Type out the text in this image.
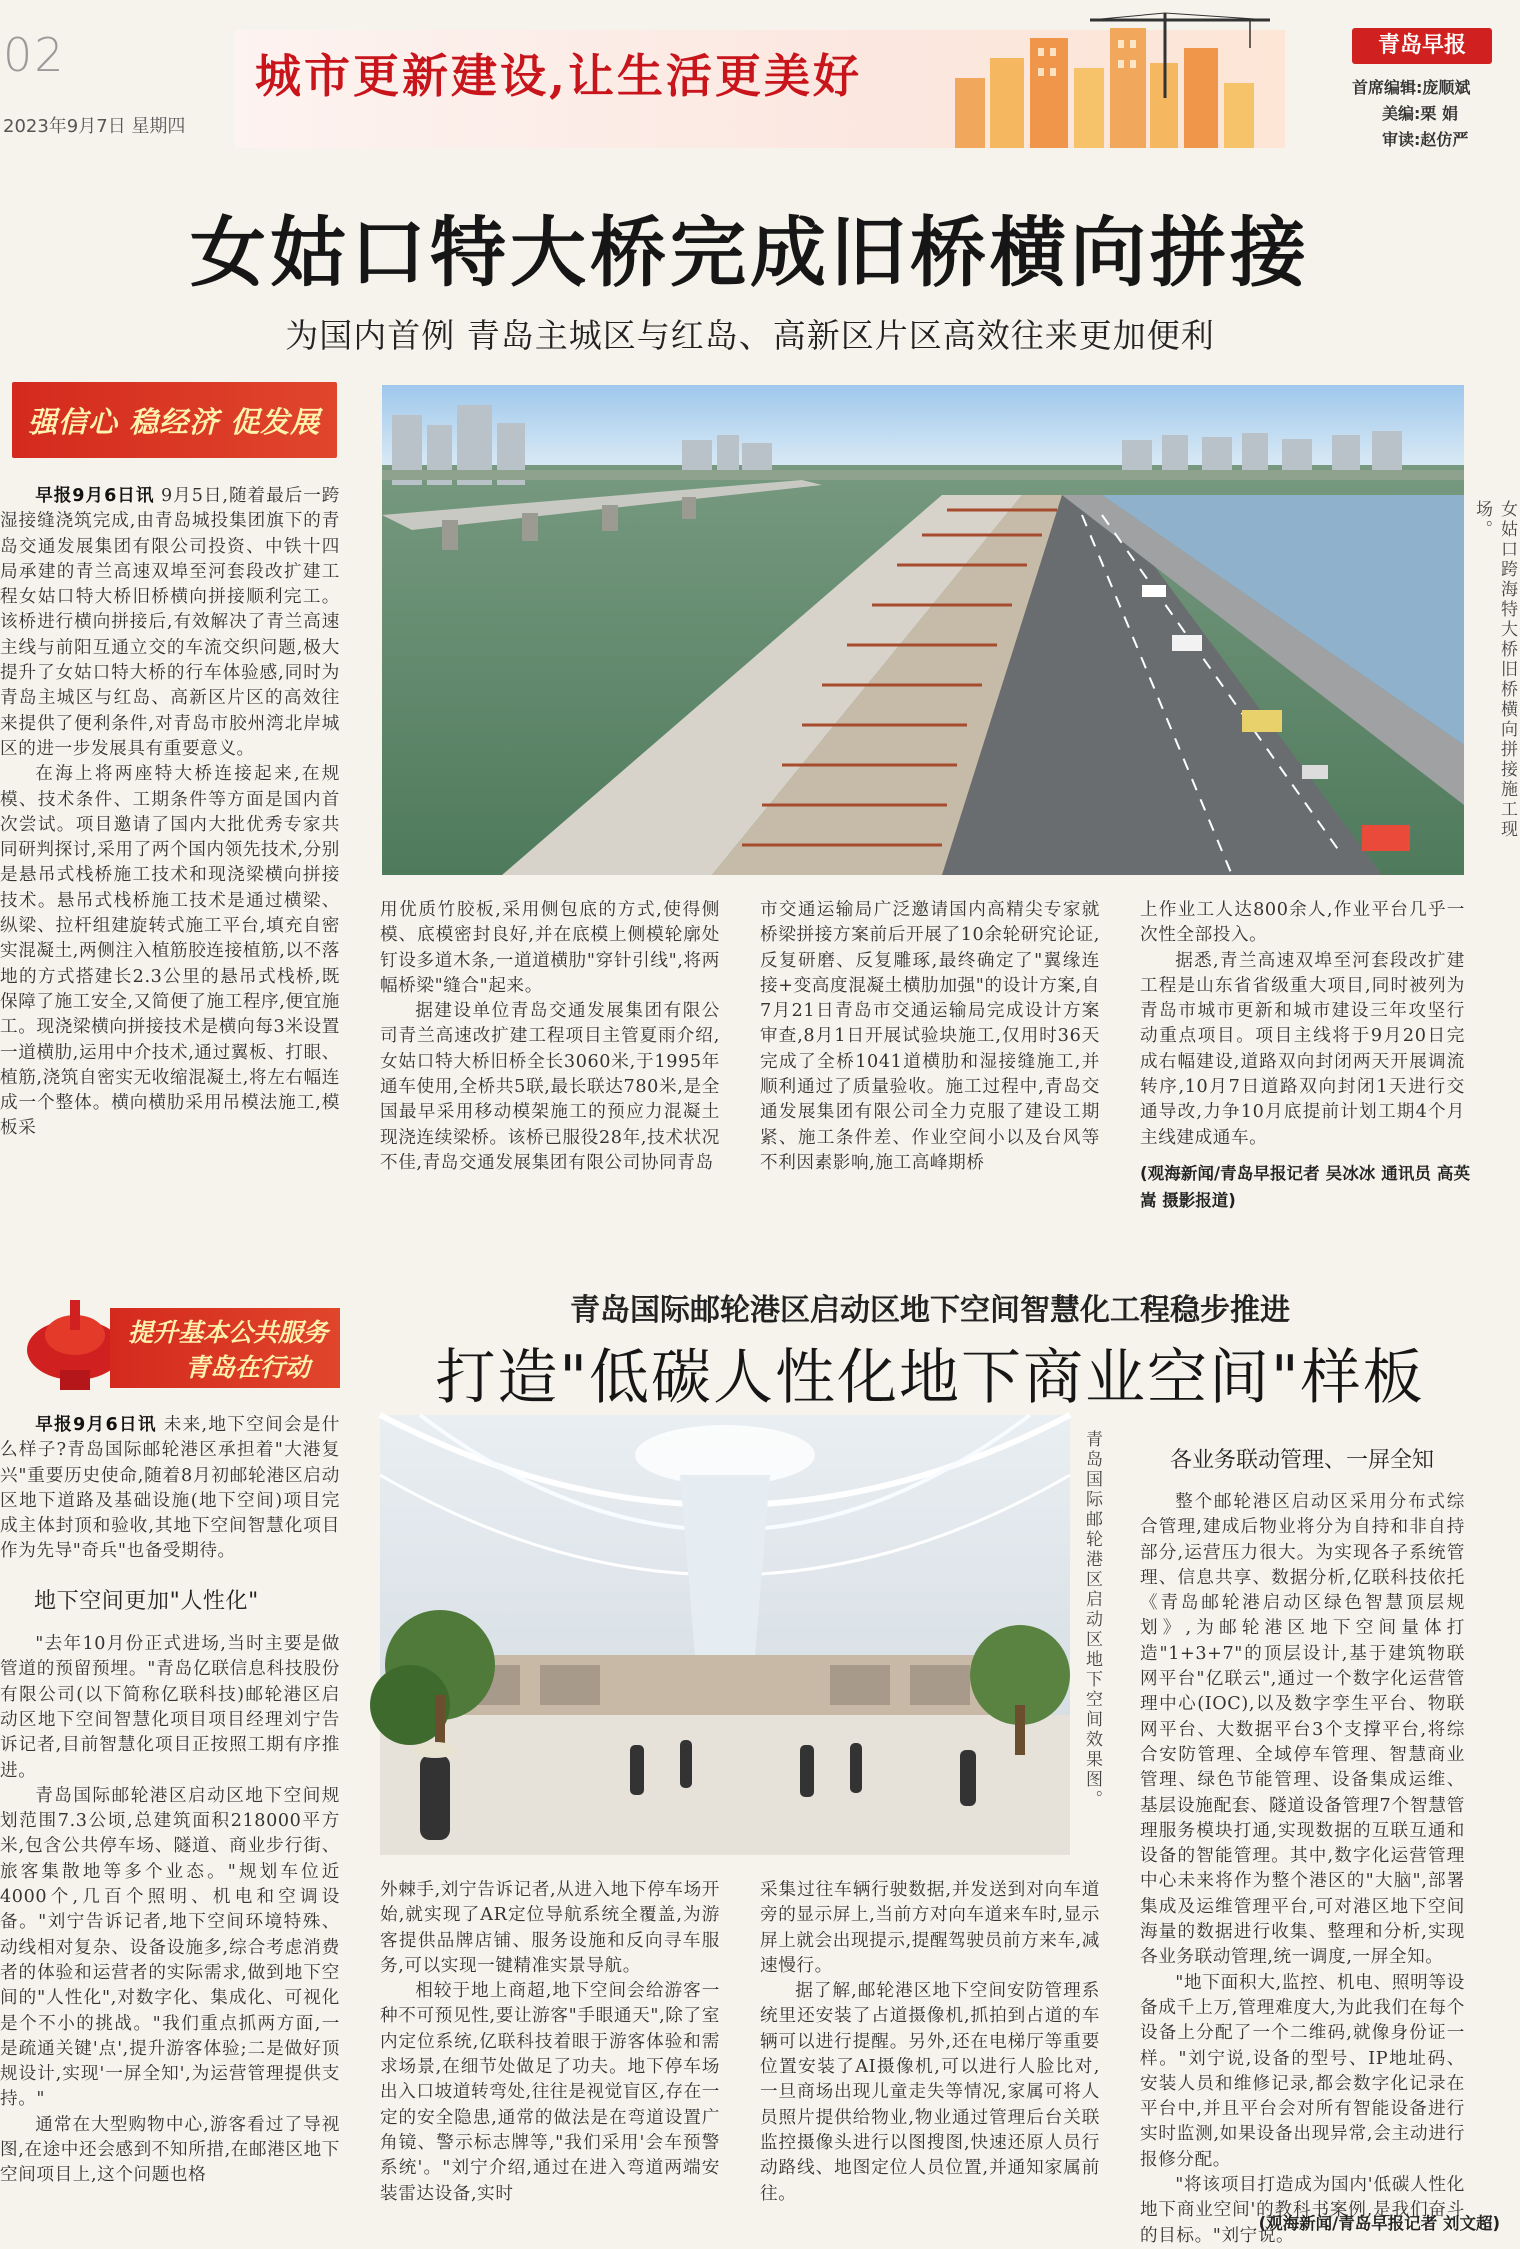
02
2023年9月7日 星期四
城市更新建设,让生活更美好
青岛早报
首席编辑:庞顺斌
美编:栗 娟
审读:赵仿严
女姑口特大桥完成旧桥横向拼接
为国内首例 青岛主城区与红岛、高新区片区高效往来更加便利
强信心 稳经济 促发展
女姑口跨海特大桥旧桥横向拼接施工现场。

早报9月6日讯 9月5日,随着最后一跨湿接缝浇筑完成,由青岛城投集团旗下的青岛交通发展集团有限公司投资、中铁十四局承建的青兰高速双埠至河套段改扩建工程女姑口特大桥旧桥横向拼接顺利完工。该桥进行横向拼接后,有效解决了青兰高速主线与前阳互通立交的车流交织问题,极大提升了女姑口特大桥的行车体验感,同时为青岛主城区与红岛、高新区片区的高效往来提供了便利条件,对青岛市胶州湾北岸城区的进一步发展具有重要意义。

在海上将两座特大桥连接起来,在规模、技术条件、工期条件等方面是国内首次尝试。项目邀请了国内大批优秀专家共同研判探讨,采用了两个国内领先技术,分别是悬吊式栈桥施工技术和现浇梁横向拼接技术。悬吊式栈桥施工技术是通过横梁、纵梁、拉杆组建旋转式施工平台,填充自密实混凝土,两侧注入植筋胶连接植筋,以不落地的方式搭建长2.3公里的悬吊式栈桥,既保障了施工安全,又简便了施工程序,便宜施工。现浇梁横向拼接技术是横向每3米设置一道横肋,运用中介技术,通过翼板、打眼、植筋,浇筑自密实无收缩混凝土,将左右幅连成一个整体。横向横肋采用吊模法施工,模板采

用优质竹胶板,采用侧包底的方式,使得侧模、底模密封良好,并在底模上侧模轮廓处钉设多道木条,一道道横肋"穿针引线",将两幅桥梁"缝合"起来。

据建设单位青岛交通发展集团有限公司青兰高速改扩建工程项目主管夏雨介绍,女姑口特大桥旧桥全长3060米,于1995年通车使用,全桥共5联,最长联达780米,是全国最早采用移动模架施工的预应力混凝土现浇连续梁桥。该桥已服役28年,技术状况不佳,青岛交通发展集团有限公司协同青岛

市交通运输局广泛邀请国内高精尖专家就桥梁拼接方案前后开展了10余轮研究论证,反复研磨、反复雕琢,最终确定了"翼缘连接+变高度混凝土横肋加强"的设计方案,自7月21日青岛市交通运输局完成设计方案审查,8月1日开展试验块施工,仅用时36天完成了全桥1041道横肋和湿接缝施工,并顺利通过了质量验收。施工过程中,青岛交通发展集团有限公司全力克服了建设工期紧、施工条件差、作业空间小以及台风等不利因素影响,施工高峰期桥

上作业工人达800余人,作业平台几乎一次性全部投入。

据悉,青兰高速双埠至河套段改扩建工程是山东省省级重大项目,同时被列为青岛市城市更新和城市建设三年攻坚行动重点项目。项目主线将于9月20日完成右幅建设,道路双向封闭两天开展调流转序,10月7日道路双向封闭1天进行交通导改,力争10月底提前计划工期4个月主线建成通车。

(观海新闻/青岛早报记者 吴冰冰 通讯员 高英嵩 摄影报道)
提升基本公共服务
青岛在行动
青岛国际邮轮港区启动区地下空间智慧化工程稳步推进
打造"低碳人性化地下商业空间"样板
青岛国际邮轮港区启动区地下空间效果图。	各业务联动管理、一屏全知

早报9月6日讯 未来,地下空间会是什么样子?青岛国际邮轮港区承担着"大港复兴"重要历史使命,随着8月初邮轮港区启动区地下道路及基础设施(地下空间)项目完成主体封顶和验收,其地下空间智慧化项目作为先导"奇兵"也备受期待。

地下空间更加"人性化"

"去年10月份正式进场,当时主要是做管道的预留预埋。"青岛亿联信息科技股份有限公司(以下简称亿联科技)邮轮港区启动区地下空间智慧化项目项目经理刘宁告诉记者,目前智慧化项目正按照工期有序推进。

青岛国际邮轮港区启动区地下空间规划范围7.3公顷,总建筑面积218000平方米,包含公共停车场、隧道、商业步行街、旅客集散地等多个业态。"规划车位近4000个,几百个照明、机电和空调设备。"刘宁告诉记者,地下空间环境特殊、动线相对复杂、设备设施多,综合考虑消费者的体验和运营者的实际需求,做到地下空间的"人性化",对数字化、集成化、可视化是个不小的挑战。"我们重点抓两方面,一是疏通关键'点',提升游客体验;二是做好顶规设计,实现'一屏全知',为运营管理提供支持。"

通常在大型购物中心,游客看过了导视图,在途中还会感到不知所措,在邮港区地下空间项目上,这个问题也格

外棘手,刘宁告诉记者,从进入地下停车场开始,就实现了AR定位导航系统全覆盖,为游客提供品牌店铺、服务设施和反向寻车服务,可以实现一键精准实景导航。

相较于地上商超,地下空间会给游客一种不可预见性,要让游客"手眼通天",除了室内定位系统,亿联科技着眼于游客体验和需求场景,在细节处做足了功夫。地下停车场出入口坡道转弯处,往往是视觉盲区,存在一定的安全隐患,通常的做法是在弯道设置广角镜、警示标志牌等,"我们采用'会车预警系统'。"刘宁介绍,通过在进入弯道两端安装雷达设备,实时

采集过往车辆行驶数据,并发送到对向车道旁的显示屏上,当前方对向车道来车时,显示屏上就会出现提示,提醒驾驶员前方来车,减速慢行。

据了解,邮轮港区地下空间安防管理系统里还安装了占道摄像机,抓拍到占道的车辆可以进行提醒。另外,还在电梯厅等重要位置安装了AI摄像机,可以进行人脸比对,一旦商场出现儿童走失等情况,家属可将人员照片提供给物业,物业通过管理后台关联监控摄像头进行以图搜图,快速还原人员行动路线、地图定位人员位置,并通知家属前往。

整个邮轮港区启动区采用分布式综合管理,建成后物业将分为自持和非自持部分,运营压力很大。为实现各子系统管理、信息共享、数据分析,亿联科技依托《青岛邮轮港启动区绿色智慧顶层规划》,为邮轮港区地下空间量体打造"1+3+7"的顶层设计,基于建筑物联网平台"亿联云",通过一个数字化运营管理中心(IOC),以及数字孪生平台、物联网平台、大数据平台3个支撑平台,将综合安防管理、全域停车管理、智慧商业管理、绿色节能管理、设备集成运维、基层设施配套、隧道设备管理7个智慧管理服务模块打通,实现数据的互联互通和设备的智能管理。其中,数字化运营管理中心未来将作为整个港区的"大脑",部署集成及运维管理平台,可对港区地下空间海量的数据进行收集、整理和分析,实现各业务联动管理,统一调度,一屏全知。

"地下面积大,监控、机电、照明等设备成千上万,管理难度大,为此我们在每个设备上分配了一个二维码,就像身份证一样。"刘宁说,设备的型号、IP地址码、安装人员和维修记录,都会数字化记录在平台中,并且平台会对所有智能设备进行实时监测,如果设备出现异常,会主动进行报修分配。

"将该项目打造成为国内'低碳人性化地下商业空间'的教科书案例,是我们奋斗的目标。"刘宁说。

(观海新闻/青岛早报记者 刘文超)
